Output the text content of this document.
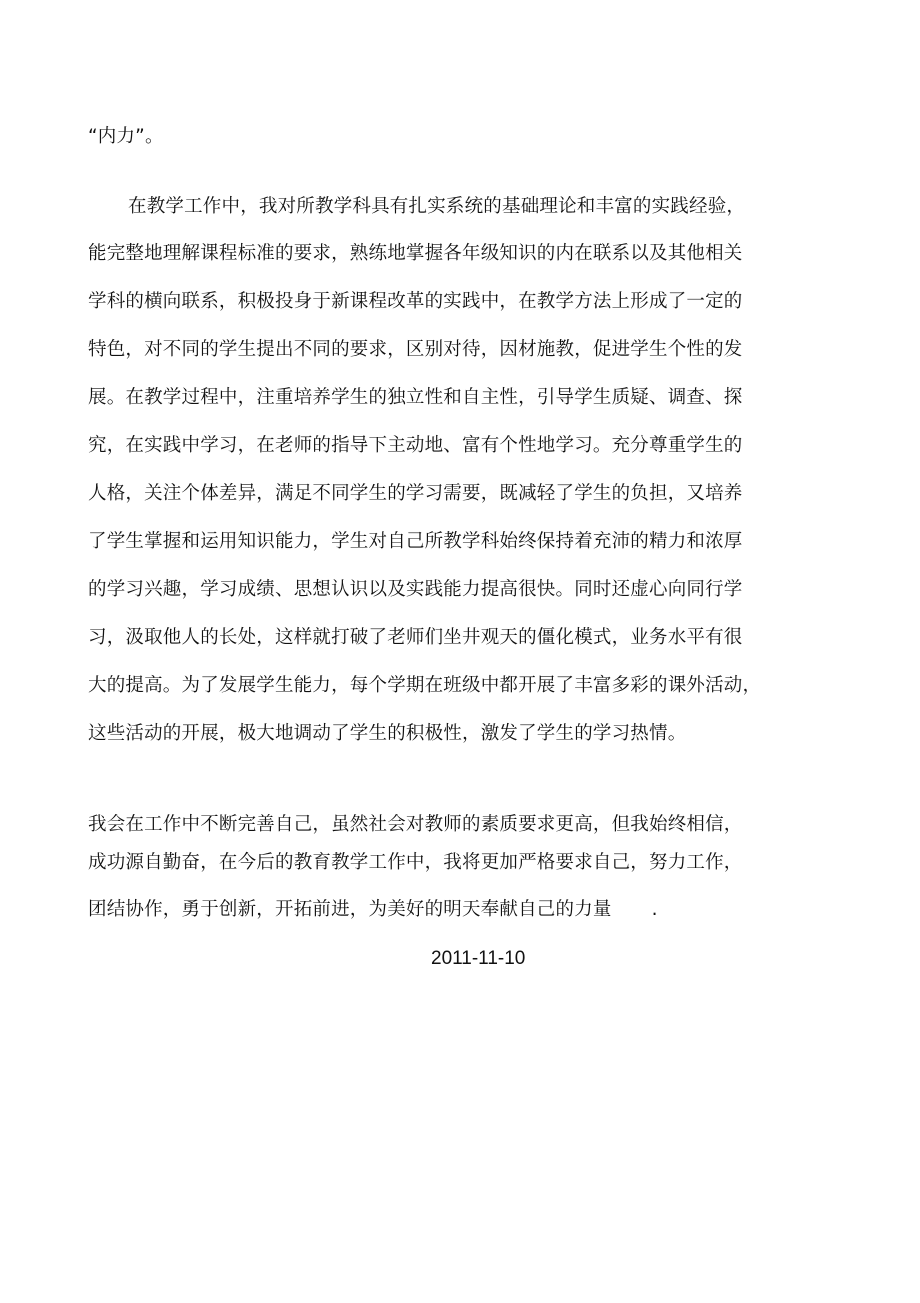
“内力”。
在教学工作中，我对所教学科具有扎实系统的基础理论和丰富的实践经验，
能完整地理解课程标准的要求，熟练地掌握各年级知识的内在联系以及其他相关
学科的横向联系，积极投身于新课程改革的实践中，在教学方法上形成了一定的
特色，对不同的学生提出不同的要求，区别对待，因材施教，促进学生个性的发
展。在教学过程中，注重培养学生的独立性和自主性，引导学生质疑、调查、探
究，在实践中学习，在老师的指导下主动地、富有个性地学习。充分尊重学生的
人格，关注个体差异，满足不同学生的学习需要，既减轻了学生的负担，又培养
了学生掌握和运用知识能力，学生对自己所教学科始终保持着充沛的精力和浓厚
的学习兴趣，学习成绩、思想认识以及实践能力提高很快。同时还虚心向同行学
习，汲取他人的长处，这样就打破了老师们坐井观天的僵化模式，业务水平有很
大的提高。为了发展学生能力，每个学期在班级中都开展了丰富多彩的课外活动，
这些活动的开展，极大地调动了学生的积极性，激发了学生的学习热情。
我会在工作中不断完善自己，虽然社会对教师的素质要求更高，但我始终相信，
成功源自勤奋，在今后的教育教学工作中，我将更加严格要求自己，努力工作，
团结协作，勇于创新，开拓前进，为美好的明天奉献自己的力量 .
2011-11-10
